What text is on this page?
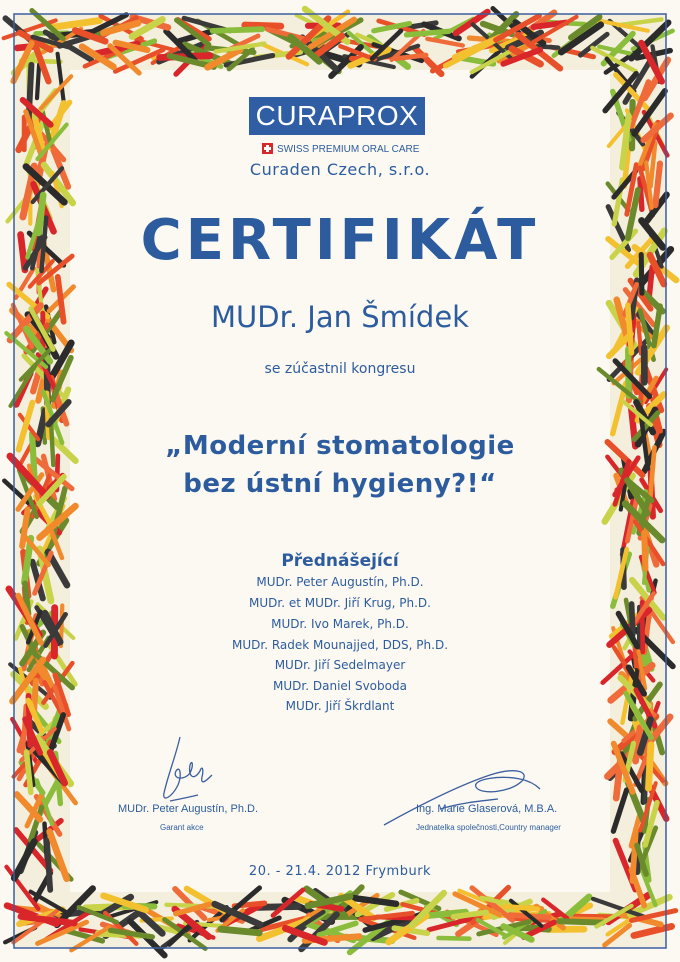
CURAPROX
SWISS PREMIUM ORAL CARE
Curaden Czech, s.r.o.
CERTIFIKÁT
MUDr. Jan Šmídek
se zúčastnil kongresu
„Moderní stomatologie
bez ústní hygieny?!“
Přednášející
MUDr. Peter Augustín, Ph.D.
MUDr. et MUDr. Jiří Krug, Ph.D.
MUDr. Ivo Marek, Ph.D.
MUDr. Radek Mounajjed, DDS, Ph.D.
MUDr. Jiří Sedelmayer
MUDr. Daniel Svoboda
MUDr. Jiří Škrdlant
MUDr. Peter Augustín, Ph.D.
Garant akce
Ing. Marie Glaserová, M.B.A.
Jednatelka společnosti,Country manager
20. - 21.4. 2012 Frymburk
